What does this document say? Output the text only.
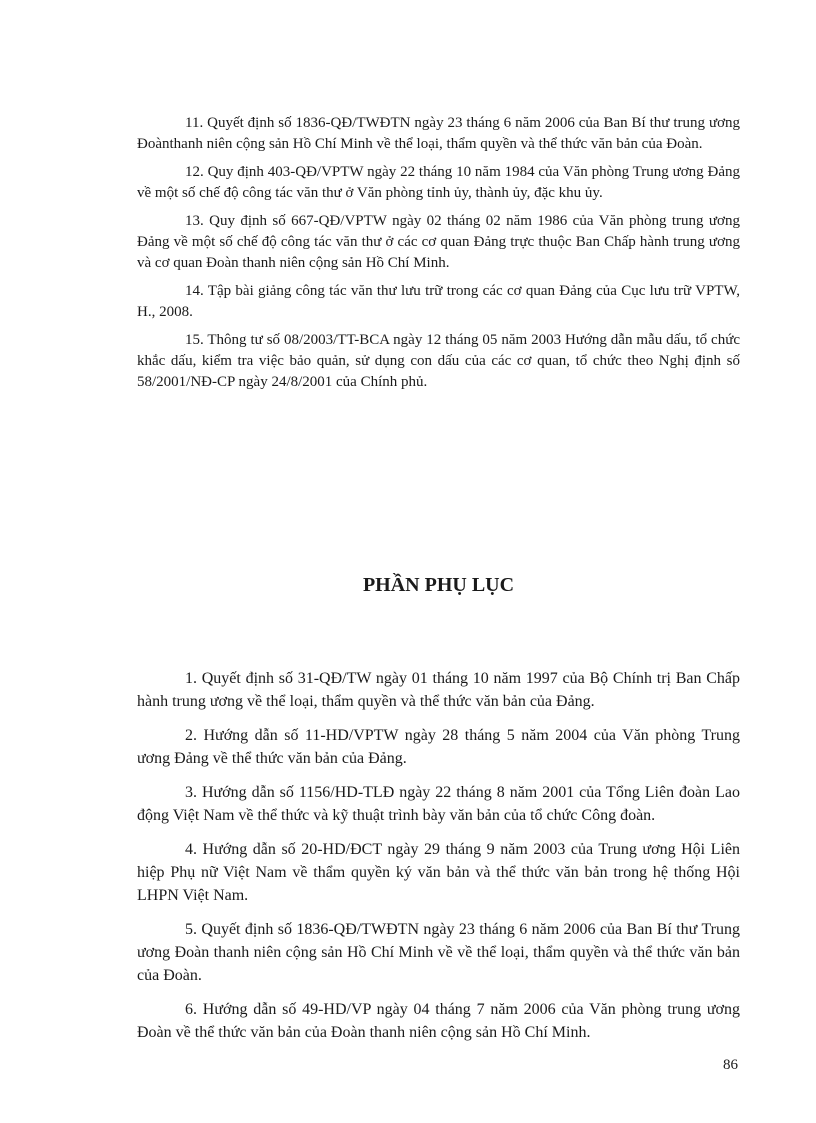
11. Quyết định số 1836-QĐ/TWĐTN ngày 23 tháng 6 năm 2006 của Ban Bí thư trung ương Đoànthanh niên cộng sản Hồ Chí Minh về thể loại, thẩm quyền và thể thức văn bản của Đoàn.

12. Quy định 403-QĐ/VPTW ngày 22 tháng 10 năm 1984 của Văn phòng Trung ương Đảng về một số chế độ công tác văn thư ở Văn phòng tỉnh ủy, thành ủy, đặc khu ủy.

13. Quy định số 667-QĐ/VPTW ngày 02 tháng 02 năm 1986 của Văn phòng trung ương Đảng về một số chế độ công tác văn thư ở các cơ quan Đảng trực thuộc Ban Chấp hành trung ương và cơ quan Đoàn thanh niên cộng sản Hồ Chí Minh.

14. Tập bài giảng công tác văn thư lưu trữ trong các cơ quan Đảng của Cục lưu trữ VPTW, H., 2008.

15. Thông tư số 08/2003/TT-BCA ngày 12 tháng 05 năm 2003 Hướng dẫn mẫu dấu, tổ chức khắc dấu, kiểm tra việc bảo quản, sử dụng con dấu của các cơ quan, tổ chức theo Nghị định số 58/2001/NĐ-CP ngày 24/8/2001 của Chính phủ.

PHẦN PHỤ LỤC

1. Quyết định số 31-QĐ/TW ngày 01 tháng 10 năm 1997 của Bộ Chính trị Ban Chấp hành trung ương về thể loại, thẩm quyền và thể thức văn bản của Đảng.

2. Hướng dẫn số 11-HD/VPTW ngày 28 tháng 5 năm 2004 của Văn phòng Trung ương Đảng về thể thức văn bản của Đảng.

3. Hướng dẫn số 1156/HD-TLĐ ngày 22 tháng 8 năm 2001 của Tổng Liên đoàn Lao động Việt Nam về thể thức và kỹ thuật trình bày văn bản của tổ chức Công đoàn.

4. Hướng dẫn số 20-HD/ĐCT ngày 29 tháng 9 năm 2003 của Trung ương Hội Liên hiệp Phụ nữ Việt Nam về thẩm quyền ký văn bản và thể thức văn bản trong hệ thống Hội LHPN Việt Nam.

5. Quyết định số 1836-QĐ/TWĐTN ngày 23 tháng 6 năm 2006 của Ban Bí thư Trung ương Đoàn thanh niên cộng sản Hồ Chí Minh về về thể loại, thẩm quyền và thể thức văn bản của Đoàn.

6. Hướng dẫn số 49-HD/VP ngày 04 tháng 7 năm 2006 của Văn phòng trung ương Đoàn về thể thức văn bản của Đoàn thanh niên cộng sản Hồ Chí Minh.

86
